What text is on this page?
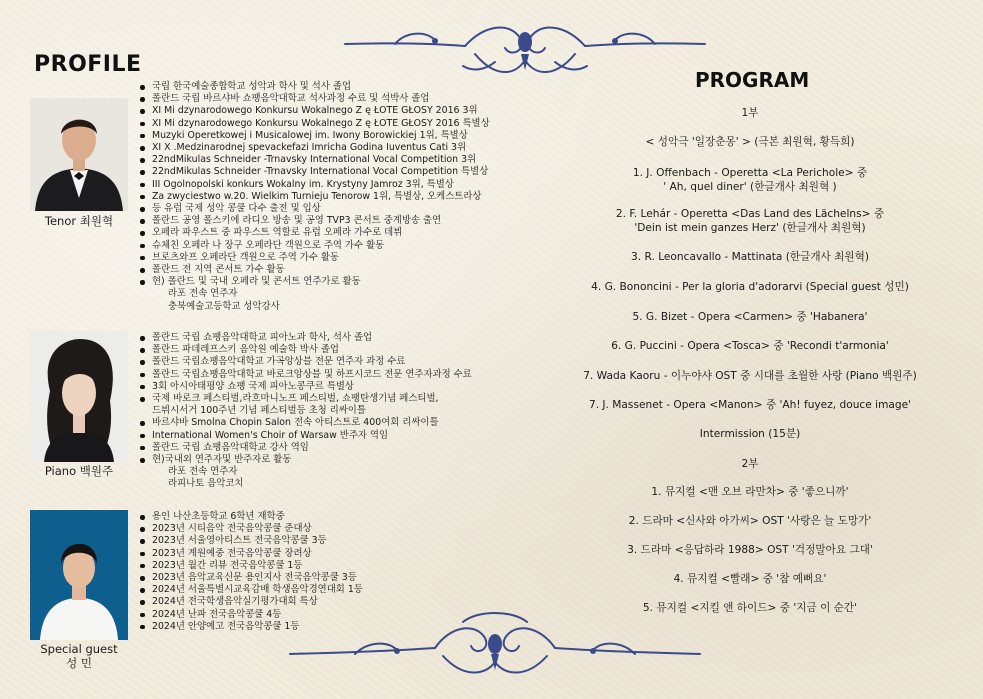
PROFILE
PROGRAM
Tenor 최원혁
Piano 백원주
Special guest
성 민
국립 한국예술종합학교 성악과 학사 및 석사 졸업
폴란드 국립 바르샤바 쇼팽음악대학교 석사과정 수료 및 석박사 졸업
XI Mi dzynarodowego Konkursu Wokalnego Z ę ŁOTE GŁOSY 2016 3위
XI Mi dzynarodowego Konkursu Wokalnego Z ę ŁOTE GŁOSY 2016 특별상
Muzyki Operetkowej i Musicalowej im. Iwony Borowickiej 1위, 특별상
XI X .Medzinarodnej spevackefazi Imricha Godina Iuventus Cati 3위
22ndMikulas Schneider -Trnavsky International Vocal Competition 3위
22ndMikulas Schneider -Trnavsky International Vocal Competition 특별상
III Ogolnopolski konkurs Wokalny im. Krystyny Jamroz 3위, 특별상
Za zwyciestwo w.20. Wielkim Turnieju Tenorow 1위, 특별상, 오케스트라상
등 유럽 국제 성악 콩쿨 다수 출전 및 입상
폴란드 공영 폴스키에 라디오 방송 및 공영 TVP3 콘서트 중계방송 출연
오페라 파우스트 중 파우스트 역할로 유럽 오페라 가수로 데뷔
슈체친 오페라 나 장구 오페라단 객원으로 주역 가수 활동
브로츠와프 오페라단 객원으로 주역 가수 활동
폴란드 전 지역 콘서트 가수 활동
현) 폴란드 및 국내 오페라 및 콘서트 연주가로 활동
라포 전속 연주자
충북예술고등학교 성악강사
폴란드 국립 쇼팽음악대학교 피아노과 학사, 석사 졸업
폴란드 파데레프스키 음악원 예술학 박사 졸업
폴란드 국립쇼팽음악대학교 가곡앙상블 전문 연주자 과정 수료
폴란드 국립쇼팽음악대학교 바로크앙상블 및 하프시코드 전문 연주자과정 수료
3회 아시아태평양 쇼팽 국제 피아노콩쿠르 특별상
국제 바로크 페스티벌,라흐마니노프 페스티벌, 쇼팽탄생기념 페스티벌,
드뷔시서거 100주년 기념 페스티벌등 초청 리싸이틀
바르샤바 Smolna Chopin Salon 전속 아티스트로 400여회 리싸이틀
International Women's Choir of Warsaw 반주자 역임
폴란드 국립 쇼팽음악대학교 강사 역임
현)국내외 연주자및 반주자로 활동
라포 전속 연주자
라피나토 음악코치
용인 나산초등학교 6학년 재학중
2023년 시티음악 전국음악콩쿨 준대상
2023년 서울영아티스트 전국음악콩쿨 3등
2023년 계원예중 전국음악콩쿨 장려상
2023년 월간 리뷰 전국음악콩쿨 1등
2023년 음악교육신문 용인지사 전국음악콩쿨 3등
2024년 서울특별시교육감배 학생음악경연대회 1등
2024년 전국학생음악실기평가대회 특상
2024년 난파 전국음악콩쿨 4등
2024년 안양예고 전국음악콩쿨 1등
1부
< 성악극 '일장춘몽' > (극본 최원혁, 황득희)
1. J. Offenbach - Operetta <La Perichole> 중
' Ah, quel diner' (한글개사 최원혁 )
2. F. Lehár - Operetta <Das Land des Lächelns> 중
'Dein ist mein ganzes Herz' (한글개사 최원혁)
3. R. Leoncavallo - Mattinata (한글개사 최원혁)
4. G. Bononcini - Per la gloria d'adorarvi (Special guest 성민)
5. G. Bizet - Opera <Carmen> 중 'Habanera'
6. G. Puccini - Opera <Tosca> 중 'Recondi t'armonia'
7. Wada Kaoru - 이누야샤 OST 중 시대를 초월한 사랑 (Piano 백원주)
7. J. Massenet - Opera <Manon> 중 'Ah! fuyez, douce image'
Intermission (15분)
2부
1. 뮤지컬 <맨 오브 라만차> 중 '좋으니까'
2. 드라마 <신사와 아가씨> OST '사랑은 늘 도망가'
3. 드라마 <응답하라 1988> OST '걱정말아요 그대'
4. 뮤지컬 <빨래> 중 '참 예뻐요'
5. 뮤지컬 <지킬 앤 하이드> 중 '지금 이 순간'
